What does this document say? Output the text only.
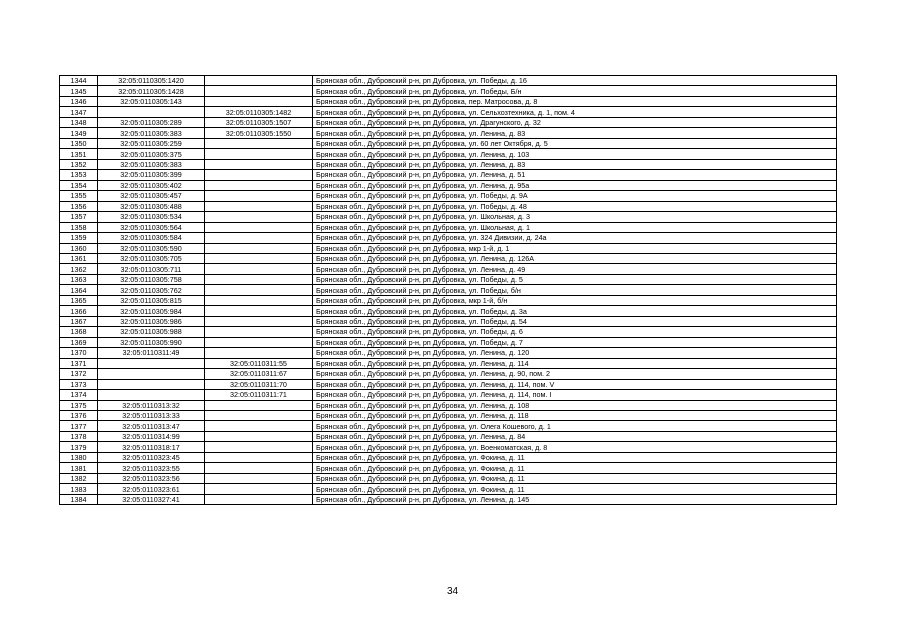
1344	32:05:0110305:1420		Брянская обл., Дубровский р-н, рп Дубровка, ул. Победы, д. 16
1345	32:05:0110305:1428		Брянская обл., Дубровский р-н, рп Дубровка, ул. Победы, Б/н
1346	32:05:0110305:143		Брянская обл., Дубровский р-н, рп Дубровка, пер. Матросова, д. 8
1347		32:05:0110305:1482	Брянская обл., Дубровский р-н, рп Дубровка, ул. Сельхозтехника, д. 1, пом. 4
1348	32:05:0110305:289	32:05:0110305:1507	Брянская обл., Дубровский р-н, рп Дубровка, ул. Драгунского, д. 32
1349	32:05:0110305:383	32:05:0110305:1550	Брянская обл., Дубровский р-н, рп Дубровка, ул. Ленина, д. 83
1350	32:05:0110305:259		Брянская обл., Дубровский р-н, рп Дубровка, ул. 60 лет Октября, д. 5
1351	32:05:0110305:375		Брянская обл., Дубровский р-н, рп Дубровка, ул. Ленина, д. 103
1352	32:05:0110305:383		Брянская обл., Дубровский р-н, рп Дубровка, ул. Ленина, д. 83
1353	32:05:0110305:399		Брянская обл., Дубровский р-н, рп Дубровка, ул. Ленина, д. 51
1354	32:05:0110305:402		Брянская обл., Дубровский р-н, рп Дубровка, ул. Ленина, д. 95а
1355	32:05:0110305:457		Брянская обл., Дубровский р-н, рп Дубровка, ул. Победы, д. 9А
1356	32:05:0110305:488		Брянская обл., Дубровский р-н, рп Дубровка, ул. Победы, д. 48
1357	32:05:0110305:534		Брянская обл., Дубровский р-н, рп Дубровка, ул. Школьная, д. 3
1358	32:05:0110305:564		Брянская обл., Дубровский р-н, рп Дубровка, ул. Школьная, д. 1
1359	32:05:0110305:584		Брянская обл., Дубровский р-н, рп Дубровка, ул. 324 Дивизии, д. 24а
1360	32:05:0110305:590		Брянская обл., Дубровский р-н, рп Дубровка, мкр 1-й, д. 1
1361	32:05:0110305:705		Брянская обл., Дубровский р-н, рп Дубровка, ул. Ленина, д. 126А
1362	32:05:0110305:711		Брянская обл., Дубровский р-н, рп Дубровка, ул. Ленина, д. 49
1363	32:05:0110305:758		Брянская обл., Дубровский р-н, рп Дубровка, ул. Победы, д. 5
1364	32:05:0110305:762		Брянская обл., Дубровский р-н, рп Дубровка, ул. Победы, б/н
1365	32:05:0110305:815		Брянская обл., Дубровский р-н, рп Дубровка, мкр 1-й, б/н
1366	32:05:0110305:984		Брянская обл., Дубровский р-н, рп Дубровка, ул. Победы, д. 3а
1367	32:05:0110305:986		Брянская обл., Дубровский р-н, рп Дубровка, ул. Победы, д. 54
1368	32:05:0110305:988		Брянская обл., Дубровский р-н, рп Дубровка, ул. Победы, д. 6
1369	32:05:0110305:990		Брянская обл., Дубровский р-н, рп Дубровка, ул. Победы, д. 7
1370	32:05:0110311:49		Брянская обл., Дубровский р-н, рп Дубровка, ул. Ленина, д. 120
1371		32:05:0110311:55	Брянская обл., Дубровский р-н, рп Дубровка, ул. Ленина, д. 114
1372		32:05:0110311:67	Брянская обл., Дубровский р-н, рп Дубровка, ул. Ленина, д. 90, пом. 2
1373		32:05:0110311:70	Брянская обл., Дубровский р-н, рп Дубровка, ул. Ленина, д. 114, пом. V
1374		32:05:0110311:71	Брянская обл., Дубровский р-н, рп Дубровка, ул. Ленина, д. 114, пом. I
1375	32:05:0110313:32		Брянская обл., Дубровский р-н, рп Дубровка, ул. Ленина, д. 108
1376	32:05:0110313:33		Брянская обл., Дубровский р-н, рп Дубровка, ул. Ленина, д. 118
1377	32:05:0110313:47		Брянская обл., Дубровский р-н, рп Дубровка, ул. Олега Кошевого, д. 1
1378	32:05:0110314:99		Брянская обл., Дубровский р-н, рп Дубровка, ул. Ленина, д. 84
1379	32:05:0110318:17		Брянская обл., Дубровский р-н, рп Дубровка, ул. Военкоматская, д. 8
1380	32:05:0110323:45		Брянская обл., Дубровский р-н, рп Дубровка, ул. Фокина, д. 11
1381	32:05:0110323:55		Брянская обл., Дубровский р-н, рп Дубровка, ул. Фокина, д. 11
1382	32:05:0110323:56		Брянская обл., Дубровский р-н, рп Дубровка, ул. Фокина, д. 11
1383	32:05:0110323:61		Брянская обл., Дубровский р-н, рп Дубровка, ул. Фокина, д. 11
1384	32:05:0110327:41		Брянская обл., Дубровский р-н, рп Дубровка, ул. Ленина, д. 145
34
